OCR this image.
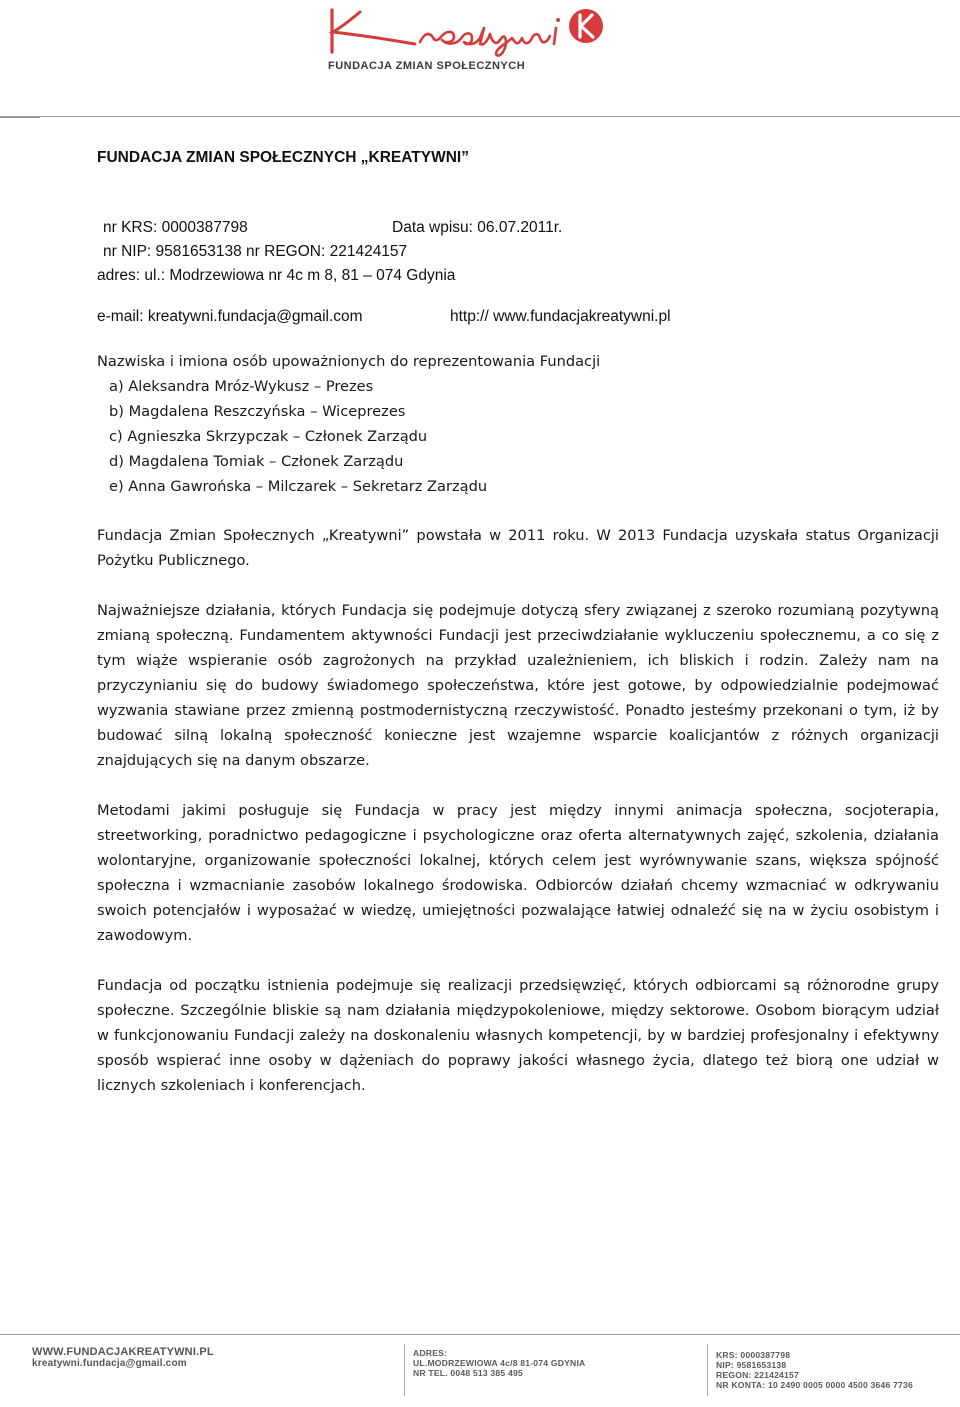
FUNDACJA ZMIAN SPOŁECZNYCH
FUNDACJA ZMIAN SPOŁECZNYCH „KREATYWNI”

nr KRS: 0000387798

	Data wpisu: 06.07.2011r.

nr NIP: 9581653138 nr REGON: 221424157

adres: ul.: Modrzewiowa nr 4c m 8, 81 – 074 Gdynia

e-mail: kreatywni.fundacja@gmail.com

	http:// www.fundacjakreatywni.pl

Nazwiska i imiona osób upoważnionych do reprezentowania Fundacji

a) Aleksandra Mróz-Wykusz – Prezes
b) Magdalena Reszczyńska – Wiceprezes
c) Agnieszka Skrzypczak – Członek Zarządu
d) Magdalena Tomiak – Członek Zarządu
e) Anna Gawrońska – Milczarek – Sekretarz Zarządu

Fundacja Zmian Społecznych „Kreatywni” powstała w 2011 roku. W 2013 Fundacja uzyskała status Organizacji Pożytku Publicznego.

Najważniejsze działania, których Fundacja się podejmuje dotyczą sfery związanej z szeroko rozumianą pozytywną zmianą społeczną. Fundamentem aktywności Fundacji jest przeciwdziałanie wykluczeniu społecznemu, a co się z tym wiąże wspieranie osób zagrożonych na przykład uzależnieniem, ich bliskich i rodzin. Zależy nam na przyczynianiu się do budowy świadomego społeczeństwa, które jest gotowe, by odpowiedzialnie podejmować wyzwania stawiane przez zmienną postmodernistyczną rzeczywistość. Ponadto jesteśmy przekonani o tym, iż by budować silną lokalną społeczność konieczne jest wzajemne wsparcie koalicjantów z różnych organizacji znajdujących się na danym obszarze.

Metodami jakimi posługuje się Fundacja w pracy jest między innymi animacja społeczna, socjoterapia, streetworking, poradnictwo pedagogiczne i psychologiczne oraz oferta alternatywnych zajęć, szkolenia, działania wolontaryjne, organizowanie społeczności lokalnej, których celem jest wyrównywanie szans, większa spójność społeczna i wzmacnianie zasobów lokalnego środowiska. Odbiorców działań chcemy wzmacniać w odkrywaniu swoich potencjałów i wyposażać w wiedzę, umiejętności pozwalające łatwiej odnaleźć się na w życiu osobistym i zawodowym.

Fundacja od początku istnienia podejmuje się realizacji przedsięwzięć, których odbiorcami są różnorodne grupy społeczne. Szczególnie bliskie są nam działania międzypokoleniowe, między sektorowe. Osobom biorącym udział w funkcjonowaniu Fundacji zależy na doskonaleniu własnych kompetencji, by w bardziej profesjonalny i efektywny sposób wspierać inne osoby w dążeniach do poprawy jakości własnego życia, dlatego też biorą one udział w licznych szkoleniach i konferencjach.

WWW.FUNDACJAKREATYWNI.PL
kreatywni.fundacja@gmail.com
ADRES:
UL.MODRZEWIOWA 4c/8 81-074 GDYNIA
NR TEL. 0048 513 385 495
KRS: 0000387798
NIP: 9581653138
REGON: 221424157
NR KONTA: 10 2490 0005 0000 4500 3646 7736
